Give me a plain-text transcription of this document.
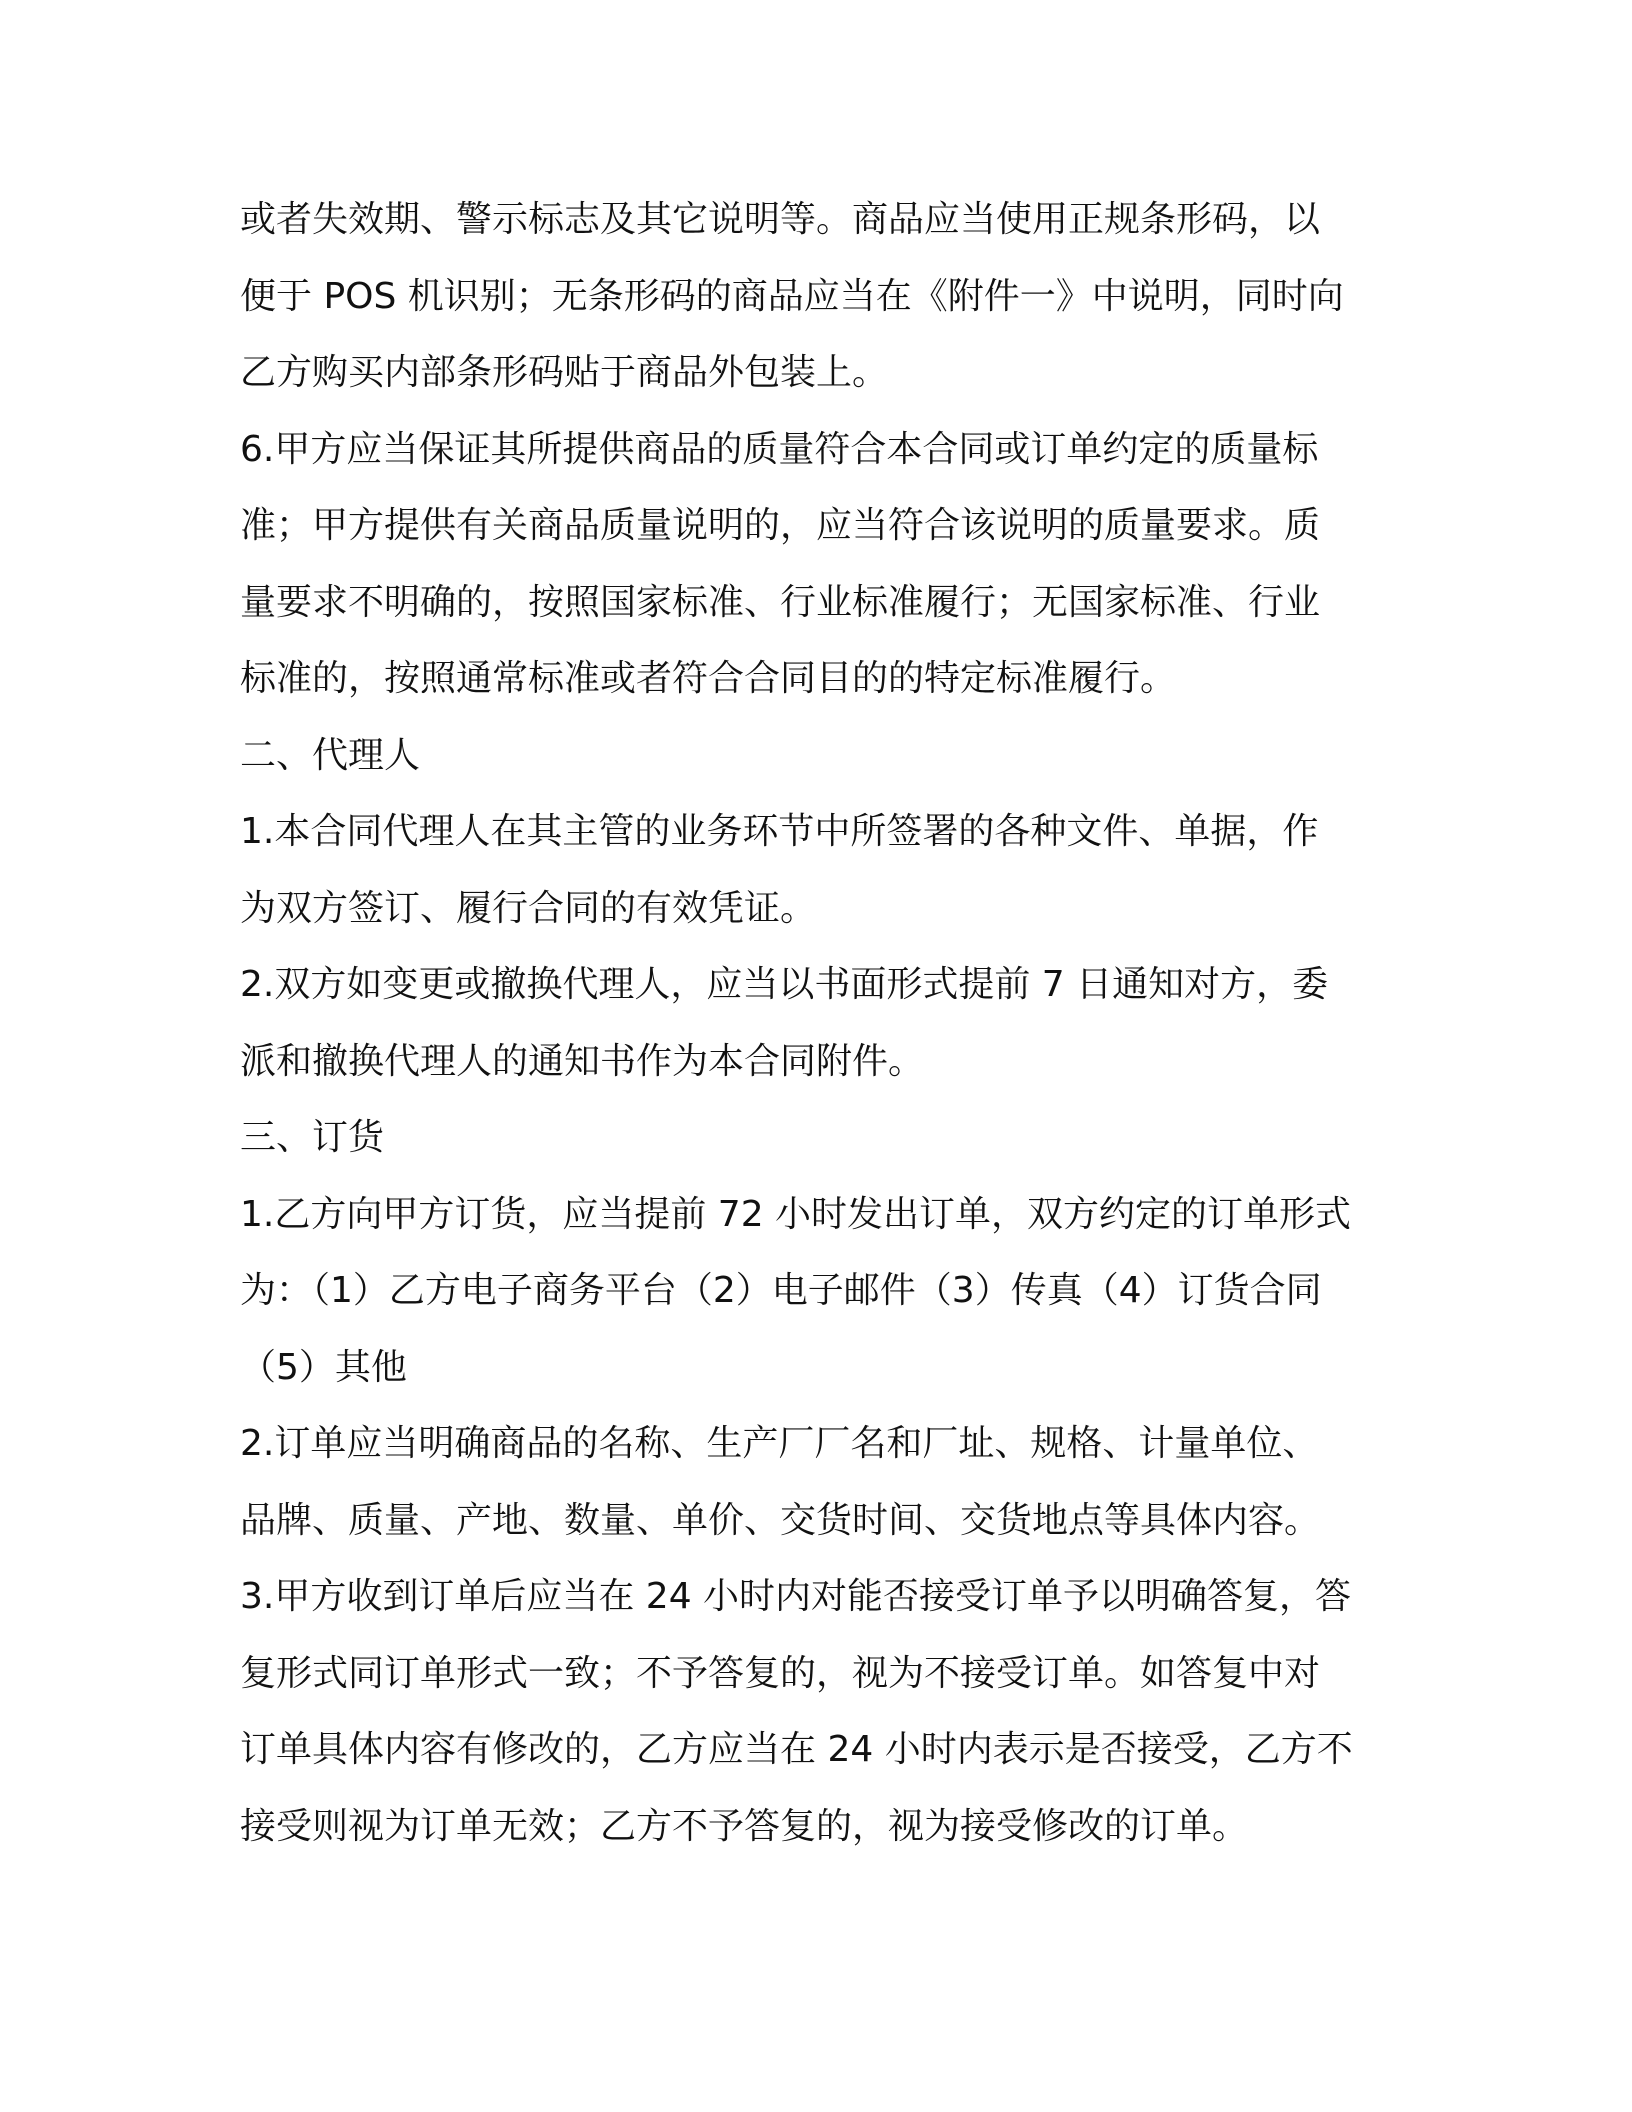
或者失效期、警示标志及其它说明等。商品应当使用正规条形码，以
便于 POS 机识别；无条形码的商品应当在《附件一》中说明，同时向
乙方购买内部条形码贴于商品外包装上。
6.甲方应当保证其所提供商品的质量符合本合同或订单约定的质量标
准；甲方提供有关商品质量说明的，应当符合该说明的质量要求。质
量要求不明确的，按照国家标准、行业标准履行；无国家标准、行业
标准的，按照通常标准或者符合合同目的的特定标准履行。
二、代理人
1.本合同代理人在其主管的业务环节中所签署的各种文件、单据，作
为双方签订、履行合同的有效凭证。
2.双方如变更或撤换代理人，应当以书面形式提前 7 日通知对方，委
派和撤换代理人的通知书作为本合同附件。
三、订货
1.乙方向甲方订货，应当提前 72 小时发出订单，双方约定的订单形式
为：（1）乙方电子商务平台（2）电子邮件（3）传真（4）订货合同
（5）其他
2.订单应当明确商品的名称、生产厂厂名和厂址、规格、计量单位、
品牌、质量、产地、数量、单价、交货时间、交货地点等具体内容。
3.甲方收到订单后应当在 24 小时内对能否接受订单予以明确答复，答
复形式同订单形式一致；不予答复的，视为不接受订单。如答复中对
订单具体内容有修改的，乙方应当在 24 小时内表示是否接受，乙方不
接受则视为订单无效；乙方不予答复的，视为接受修改的订单。
